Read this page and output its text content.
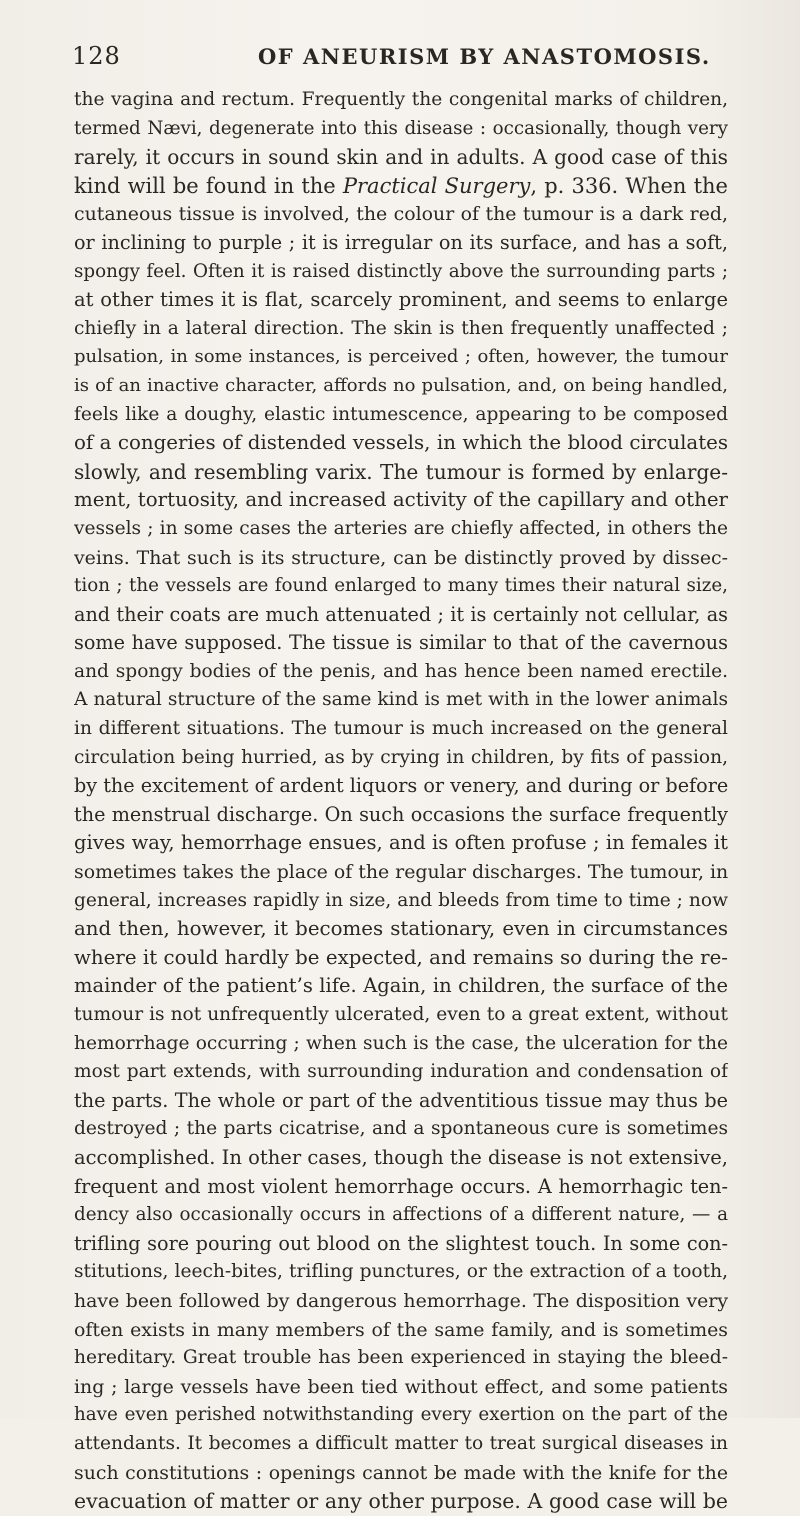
128	OF ANEURISM BY ANASTOMOSIS.
the vagina and rectum. Frequently the congenital marks of children,
termed Nævi, degenerate into this disease : occasionally, though very
rarely, it occurs in sound skin and in adults. A good case of this
kind will be found in the Practical Surgery, p. 336. When the
cutaneous tissue is involved, the colour of the tumour is a dark red,
or inclining to purple ; it is irregular on its surface, and has a soft,
spongy feel. Often it is raised distinctly above the surrounding parts ;
at other times it is flat, scarcely prominent, and seems to enlarge
chiefly in a lateral direction. The skin is then frequently unaffected ;
pulsation, in some instances, is perceived ; often, however, the tumour
is of an inactive character, affords no pulsation, and, on being handled,
feels like a doughy, elastic intumescence, appearing to be composed
of a congeries of distended vessels, in which the blood circulates
slowly, and resembling varix. The tumour is formed by enlarge-
ment, tortuosity, and increased activity of the capillary and other
vessels ; in some cases the arteries are chiefly affected, in others the
veins. That such is its structure, can be distinctly proved by dissec-
tion ; the vessels are found enlarged to many times their natural size,
and their coats are much attenuated ; it is certainly not cellular, as
some have supposed. The tissue is similar to that of the cavernous
and spongy bodies of the penis, and has hence been named erectile.
A natural structure of the same kind is met with in the lower animals
in different situations. The tumour is much increased on the general
circulation being hurried, as by crying in children, by fits of passion,
by the excitement of ardent liquors or venery, and during or before
the menstrual discharge. On such occasions the surface frequently
gives way, hemorrhage ensues, and is often profuse ; in females it
sometimes takes the place of the regular discharges. The tumour, in
general, increases rapidly in size, and bleeds from time to time ; now
and then, however, it becomes stationary, even in circumstances
where it could hardly be expected, and remains so during the re-
mainder of the patient’s life. Again, in children, the surface of the
tumour is not unfrequently ulcerated, even to a great extent, without
hemorrhage occurring ; when such is the case, the ulceration for the
most part extends, with surrounding induration and condensation of
the parts. The whole or part of the adventitious tissue may thus be
destroyed ; the parts cicatrise, and a spontaneous cure is sometimes
accomplished. In other cases, though the disease is not extensive,
frequent and most violent hemorrhage occurs. A hemorrhagic ten-
dency also occasionally occurs in affections of a different nature, — a
trifling sore pouring out blood on the slightest touch. In some con-
stitutions, leech-bites, trifling punctures, or the extraction of a tooth,
have been followed by dangerous hemorrhage. The disposition very
often exists in many members of the same family, and is sometimes
hereditary. Great trouble has been experienced in staying the bleed-
ing ; large vessels have been tied without effect, and some patients
have even perished notwithstanding every exertion on the part of the
attendants. It becomes a difficult matter to treat surgical diseases in
such constitutions : openings cannot be made with the knife for the
evacuation of matter or any other purpose. A good case will be
